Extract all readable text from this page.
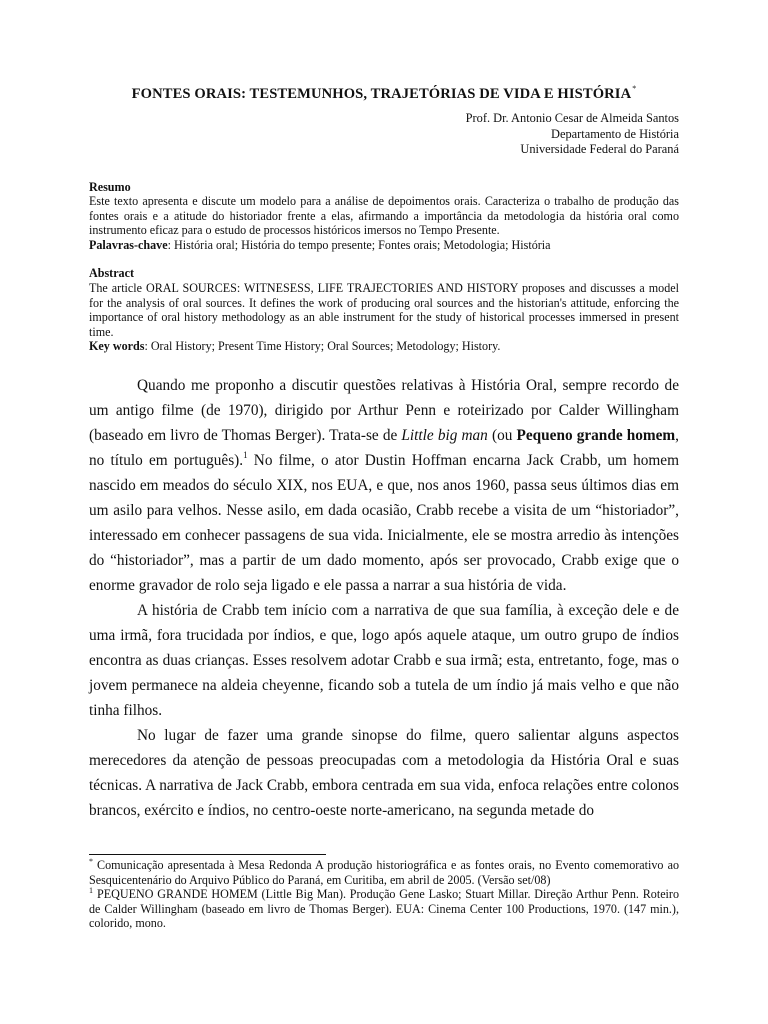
FONTES ORAIS: TESTEMUNHOS, TRAJETÓRIAS DE VIDA E HISTÓRIA*
Prof. Dr. Antonio Cesar de Almeida Santos
Departamento de História
Universidade Federal do Paraná
Resumo
Este texto apresenta e discute um modelo para a análise de depoimentos orais. Caracteriza o trabalho de produção das fontes orais e a atitude do historiador frente a elas, afirmando a importância da metodologia da história oral como instrumento eficaz para o estudo de processos históricos imersos no Tempo Presente.
Palavras-chave: História oral; História do tempo presente; Fontes orais; Metodologia; História
Abstract
The article ORAL SOURCES: WITNESESS, LIFE TRAJECTORIES AND HISTORY proposes and discusses a model for the analysis of oral sources. It defines the work of producing oral sources and the historian's attitude, enforcing the importance of oral history methodology as an able instrument for the study of historical processes immersed in present time.
Key words: Oral History; Present Time History; Oral Sources; Metodology; History.

Quando me proponho a discutir questões relativas à História Oral, sempre recordo de um antigo filme (de 1970), dirigido por Arthur Penn e roteirizado por Calder Willingham (baseado em livro de Thomas Berger). Trata-se de Little big man (ou Pequeno grande homem, no título em português).$^1$ No filme, o ator Dustin Hoffman encarna Jack Crabb, um homem nascido em meados do século XIX, nos EUA, e que, nos anos 1960, passa seus últimos dias em um asilo para velhos. Nesse asilo, em dada ocasião, Crabb recebe a visita de um “historiador”, interessado em conhecer passagens de sua vida. Inicialmente, ele se mostra arredio às intenções do “historiador”, mas a partir de um dado momento, após ser provocado, Crabb exige que o enorme gravador de rolo seja ligado e ele passa a narrar a sua história de vida.

A história de Crabb tem início com a narrativa de que sua família, à exceção dele e de uma irmã, fora trucidada por índios, e que, logo após aquele ataque, um outro grupo de índios encontra as duas crianças. Esses resolvem adotar Crabb e sua irmã; esta, entretanto, foge, mas o jovem permanece na aldeia cheyenne, ficando sob a tutela de um índio já mais velho e que não tinha filhos.

No lugar de fazer uma grande sinopse do filme, quero salientar alguns aspectos merecedores da atenção de pessoas preocupadas com a metodologia da História Oral e suas técnicas. A narrativa de Jack Crabb, embora centrada em sua vida, enfoca relações entre colonos brancos, exército e índios, no centro-oeste norte-americano, na segunda metade do

* Comunicação apresentada à Mesa Redonda A produção historiográfica e as fontes orais, no Evento comemorativo ao Sesquicentenário do Arquivo Público do Paraná, em Curitiba, em abril de 2005. (Versão set/08)

$^1$ PEQUENO GRANDE HOMEM (Little Big Man). Produção Gene Lasko; Stuart Millar. Direção Arthur Penn. Roteiro de Calder Willingham (baseado em livro de Thomas Berger). EUA: Cinema Center 100 Productions, 1970. (147 min.), colorido, mono.
